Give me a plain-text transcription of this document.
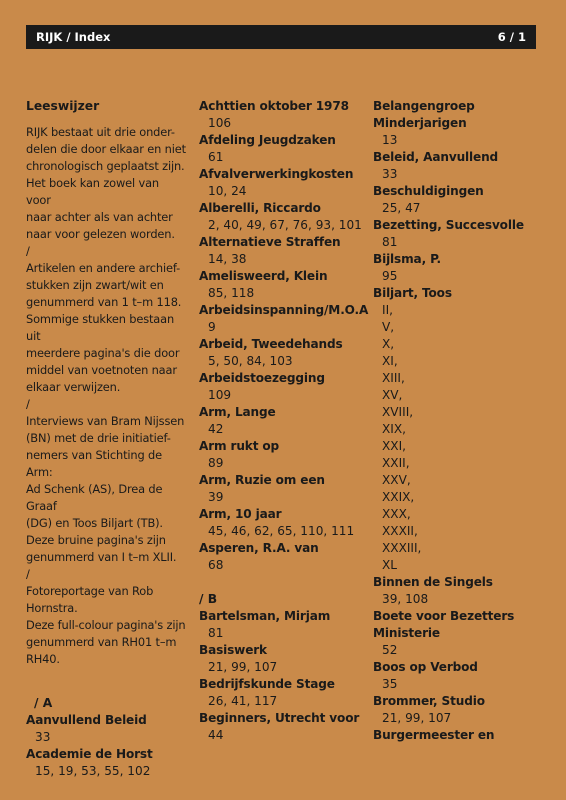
RIJK / Index	6 / 1
Leeswijzer

RIJK bestaat uit drie onder-
delen die door elkaar en niet
chronologisch geplaatst zijn.
Het boek kan zowel van voor
naar achter als van achter
naar voor gelezen worden.

/

Artikelen en andere archief-
stukken zijn zwart/wit en
genummerd van 1 t–m 118.
Sommige stukken bestaan uit
meerdere pagina's die door
middel van voetnoten naar
elkaar verwijzen.

/

Interviews van Bram Nijssen
(BN) met de drie initiatief-
nemers van Stichting de Arm:
Ad Schenk (AS), Drea de Graaf
(DG) en Toos Biljart (TB).
Deze bruine pagina's zijn
genummerd van I t–m XLII.

/

Fotoreportage van Rob Hornstra.
Deze full-colour pagina's zijn
genummerd van RH01 t–m
RH40.

/ A
Aanvullend Beleid
33
Academie de Horst
15, 19, 53, 55, 102
Achttien oktober 1978
106
Afdeling Jeugdzaken
61
Afvalverwerkingkosten
10, 24
Alberelli, Riccardo
2, 40, 49, 67, 76, 93, 101
Alternatieve Straffen
14, 38
Amelisweerd, Klein
85, 118
Arbeidsinspanning/M.O.A
9
Arbeid, Tweedehands
5, 50, 84, 103
Arbeidstoezegging
109
Arm, Lange
42
Arm rukt op
89
Arm, Ruzie om een
39
Arm, 10 jaar
45, 46, 62, 65, 110, 111
Asperen, R.A. van
68
/ B
Bartelsman, Mirjam
81
Basiswerk
21, 99, 107
Bedrijfskunde Stage
26, 41, 117
Beginners, Utrecht voor
44
Belangengroep
Minderjarigen
13
Beleid, Aanvullend
33
Beschuldigingen
25, 47
Bezetting, Succesvolle
81
Bijlsma, P.
95
Biljart, Toos
II,
V,
X,
XI,
XIII,
XV,
XVIII,
XIX,
XXI,
XXII,
XXV,
XXIX,
XXX,
XXXII,
XXXIII,
XL
Binnen de Singels
39, 108
Boete voor Bezetters
Ministerie
52
Boos op Verbod
35
Brommer, Studio
21, 99, 107
Burgermeester en
